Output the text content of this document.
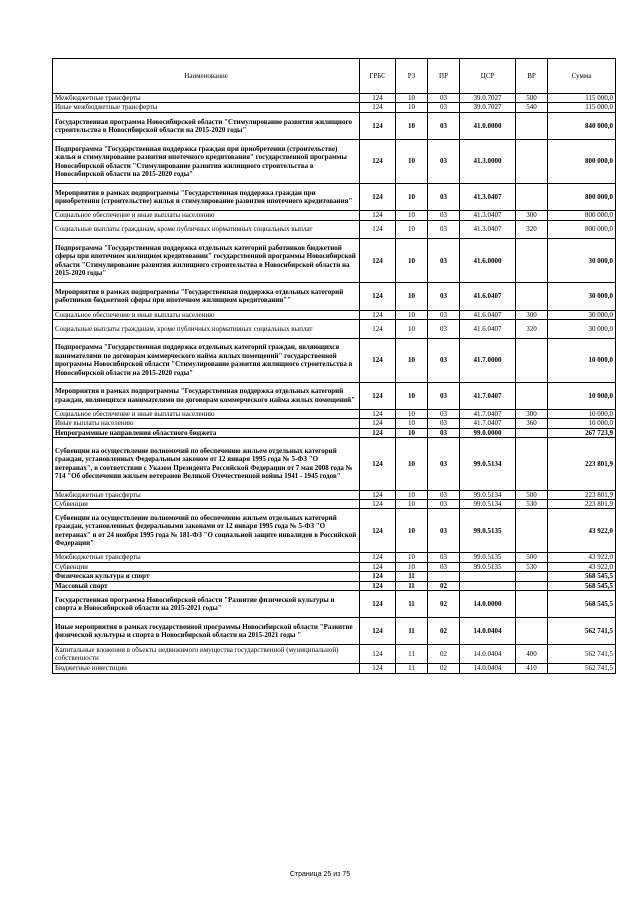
Наименование	ГРБС	РЗ	ПР	ЦСР	ВР	Сумма
Межбюджетные трансферты	124	10	03	39.0.7027	500	115 000,0
Иные межбюджетные трансферты	124	10	03	39.0.7027	540	115 000,0
Государственная программа Новосибирской области "Стимулирование развития жилищного строительства в Новосибирской области на 2015-2020 годы"	124	10	03	41.0.0000		840 000,0
Подпрограмма "Государственная поддержка граждан при приобретении (строительстве) жилья и стимулирование развития ипотечного кредитования" государственной программы Новосибирской области "Стимулирование развития жилищного строительства в Новосибирской области на 2015-2020 годы"	124	10	03	41.3.0000		800 000,0
Мероприятия в рамках подпрограммы "Государственная поддержка граждан при приобретении (строительстве) жилья и стимулирование развития ипотечного кредитования"	124	10	03	41.3.0407		800 000,0
Социальное обеспечение и иные выплаты населению	124	10	03	41.3.0407	300	800 000,0
Социальные выплаты гражданам, кроме публичных нормативных социальных выплат	124	10	03	41.3.0407	320	800 000,0
Подпрограмма "Государственная поддержка отдельных категорий работников бюджетной сферы при ипотечном жилищном кредитовании" государственной программы Новосибирской области "Стимулирование развития жилищного строительства в Новосибирской области на 2015-2020 годы"	124	10	03	41.6.0000		30 000,0
Мероприятия в рамках подпрограммы "Государственная поддержка отдельных категорий работников бюджетной сферы при ипотечном жилищном кредитовании""	124	10	03	41.6.0407		30 000,0
Социальное обеспечение и иные выплаты населению	124	10	03	41.6.0407	300	30 000,0
Социальные выплаты гражданам, кроме публичных нормативных социальных выплат	124	10	03	41.6.0407	320	30 000,0
Подпрограмма "Государственная поддержка отдельных категорий граждан, являющихся нанимателями по договорам коммерческого найма жилых помещений" государственной программы Новосибирской области "Стимулирование развития жилищного строительства в Новосибирской области на 2015-2020 годы"	124	10	03	41.7.0000		10 000,0
Мероприятия в рамках подпрограммы "Государственная поддержка отдельных категорий граждан, являющихся нанимателями по договорам коммерческого найма жилых помещений"	124	10	03	41.7.0407		10 000,0
Социальное обеспечение и иные выплаты населению	124	10	03	41.7.0407	300	10 000,0
Иные выплаты населению	124	10	03	41.7.0407	360	10 000,0
Непрограммные направления областного бюджета	124	10	03	99.0.0000		267 723,9
Субвенции на осуществление полномочий по обеспечению жильем отдельных категорий граждан, установленных Федеральным законом от 12 января 1995 года № 5-ФЗ "О ветеранах", в соответствии с Указом Президента Российской Федерации от 7 мая 2008 года № 714 "Об обеспечении жильем ветеранов Великой Отечественной войны 1941 - 1945 годов"	124	10	03	99.0.5134		223 801,9
Межбюджетные трансферты	124	10	03	99.0.5134	500	223 801,9
Субвенции	124	10	03	99.0.5134	530	223 801,9
Субвенции на осуществление полномочий по обеспечению жильем отдельных категорий граждан, установленных федеральными законами от 12 января 1995 года № 5-ФЗ "О ветеранах" и от 24 ноября 1995 года № 181-ФЗ "О социальной защите инвалидов в Российской Федерации"	124	10	03	99.0.5135		43 922,0
Межбюджетные трансферты	124	10	03	99.0.5135	500	43 922,0
Субвенции	124	10	03	99.0.5135	530	43 922,0
Физическая культура и спорт	124	11				568 545,5
Массовый спорт	124	11	02			568 545,5
Государственная программа Новосибирской области "Развитие физической культуры и спорта в Новосибирской области на 2015-2021 годы"	124	11	02	14.0.0000		568 545,5
Иные мероприятия в рамках государственной программы Новосибирской области "Развитие физической культуры и спорта в Новосибирской области на 2015-2021 годы "	124	11	02	14.0.0404		562 741,5
Капитальные вложения в объекты недвижимого имущества государственной (муниципальной) собственности	124	11	02	14.0.0404	400	562 741,5
Бюджетные инвестиции	124	11	02	14.0.0404	410	562 741,5
Страница 25 из 75
